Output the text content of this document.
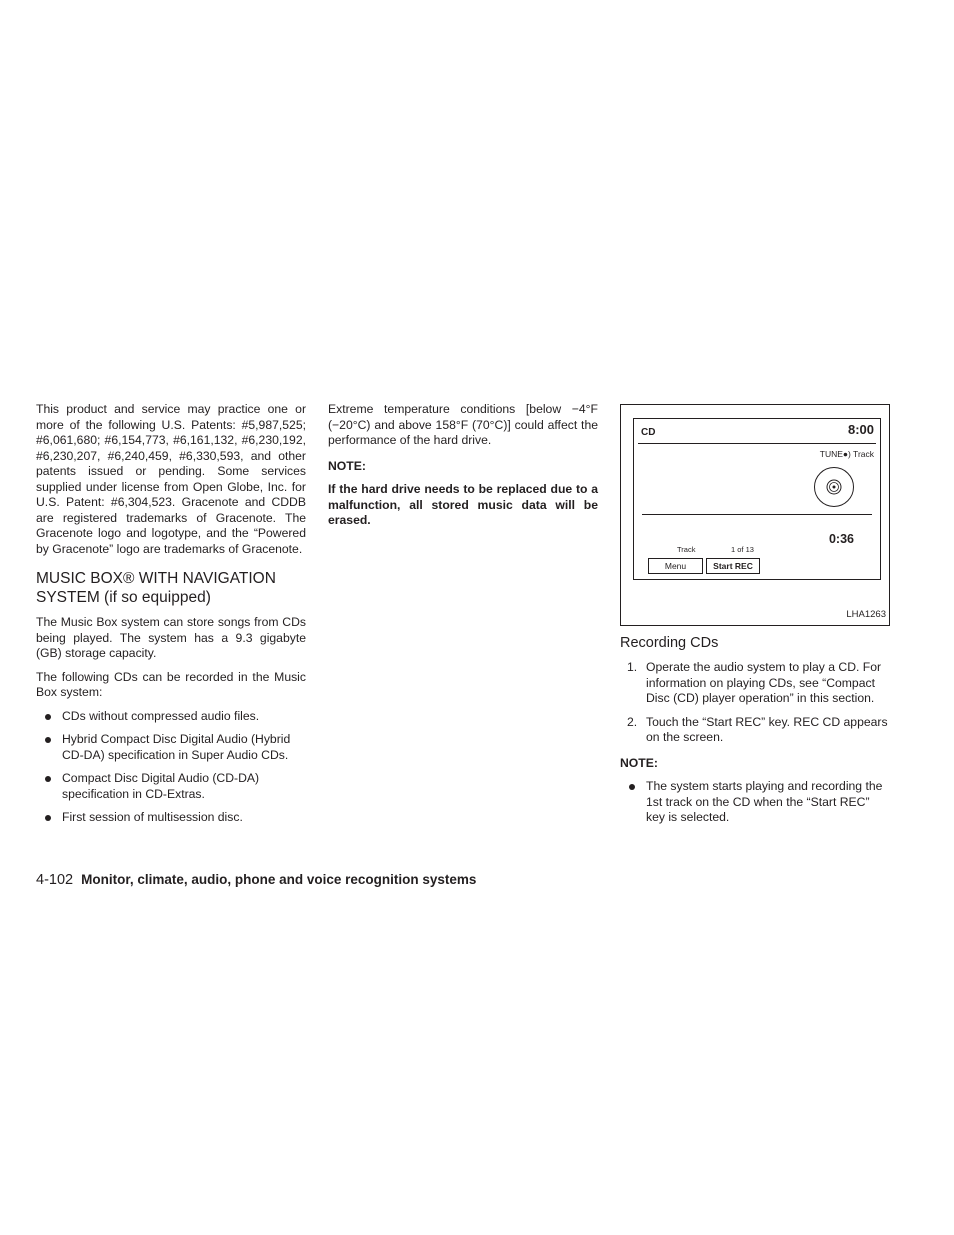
This product and service may practice one or more of the following U.S. Patents: #5,987,525; #6,061,680; #6,154,773, #6,161,132, #6,230,192, #6,230,207, #6,240,459, #6,330,593, and other patents issued or pending. Some services supplied under license from Open Globe, Inc. for U.S. Patent: #6,304,523. Gracenote and CDDB are registered trademarks of Gracenote. The Gracenote logo and logotype, and the “Powered by Gracenote” logo are trademarks of Gracenote.

MUSIC BOX® WITH NAVIGATION
SYSTEM (if so equipped)

The Music Box system can store songs from CDs being played. The system has a 9.3 gigabyte (GB) storage capacity.

The following CDs can be recorded in the Music Box system:

CDs without compressed audio files.
Hybrid Compact Disc Digital Audio (Hybrid CD-DA) specification in Super Audio CDs.
Compact Disc Digital Audio (CD-DA) specification in CD-Extras.
First session of multisession disc.

Extreme temperature conditions [below −4°F (−20°C) and above 158°F (70°C)] could affect the performance of the hard drive.

NOTE:

If the hard drive needs to be replaced due to a malfunction, all stored music data will be erased.

CD	8:00
TUNE●) Track
0:36
Track	1 of 13
Menu	Start REC
LHA1263
Recording CDs
1. Operate the audio system to play a CD. For information on playing CDs, see “Compact Disc (CD) player operation” in this section.
2. Touch the “Start REC” key. REC CD appears on the screen.

NOTE:

The system starts playing and recording the 1st track on the CD when the “Start REC” key is selected.
4-102 Monitor, climate, audio, phone and voice recognition systems
